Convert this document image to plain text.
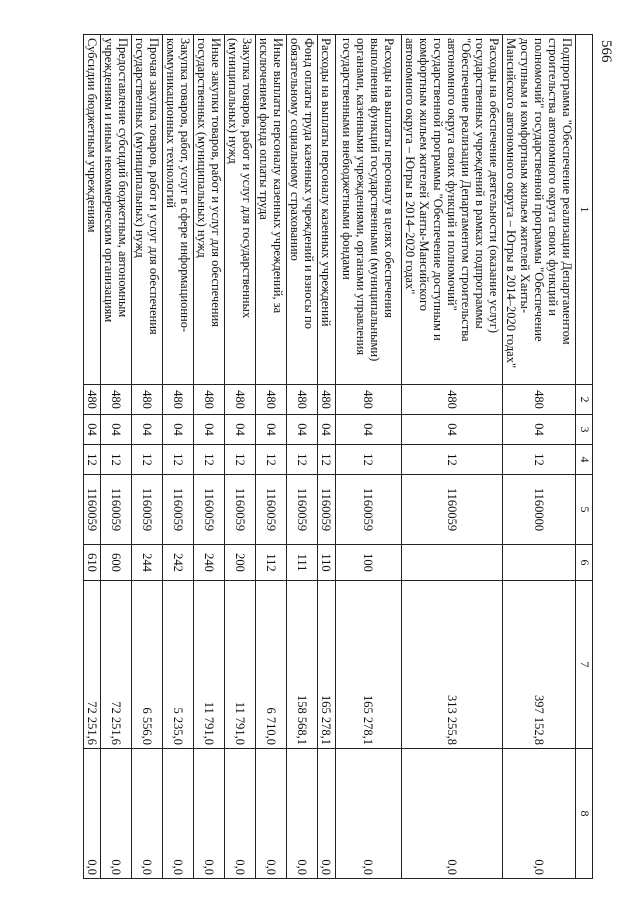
566
1	2	3	4	5	6	7	8
Подпрограмма "Обеспечение реализации Департаментом строительства автономного округа своих функций и полномочий" государственной программы "Обеспечение доступным и комфортным жильем жителей Ханты-Мансийского автономного округа – Югры в 2014–2020 годах"	480	04	12	1160000		397 152,8	0,0
Расходы на обеспечение деятельности (оказание услуг) государственных учреждений в рамках подпрограммы "Обеспечение реализации Департаментом строительства автономного округа своих функций и полномочий" государственной программы "Обеспечение доступным и комфортным жильем жителей Ханты-Мансийского автономного округа – Югры в 2014–2020 годах"	480	04	12	1160059		313 255,8	0,0
Расходы на выплаты персоналу в целях обеспечения выполнения функций государственными (муниципальными) органами, казенными учреждениями, органами управления государственными внебюджетными фондами	480	04	12	1160059	100	165 278,1	0,0
Расходы на выплаты персоналу казенных учреждений	480	04	12	1160059	110	165 278,1	0,0
Фонд оплаты труда казенных учреждений и взносы по обязательному социальному страхованию	480	04	12	1160059	111	158 568,1	0,0
Иные выплаты персоналу казенных учреждений, за исключением фонда оплаты труда	480	04	12	1160059	112	6 710,0	0,0
Закупка товаров, работ и услуг для государственных (муниципальных) нужд	480	04	12	1160059	200	11 791,0	0,0
Иные закупки товаров, работ и услуг для обеспечения государственных (муниципальных) нужд	480	04	12	1160059	240	11 791,0	0,0
Закупка товаров, работ, услуг в сфере информационно-коммуникационных технологий	480	04	12	1160059	242	5 235,0	0,0
Прочая закупка товаров, работ и услуг для обеспечения государственных (муниципальных) нужд	480	04	12	1160059	244	6 556,0	0,0
Предоставление субсидий бюджетным, автономным учреждениям и иным некоммерческим организациям	480	04	12	1160059	600	72 251,6	0,0
Субсидии бюджетным учреждениям	480	04	12	1160059	610	72 251,6	0,0
